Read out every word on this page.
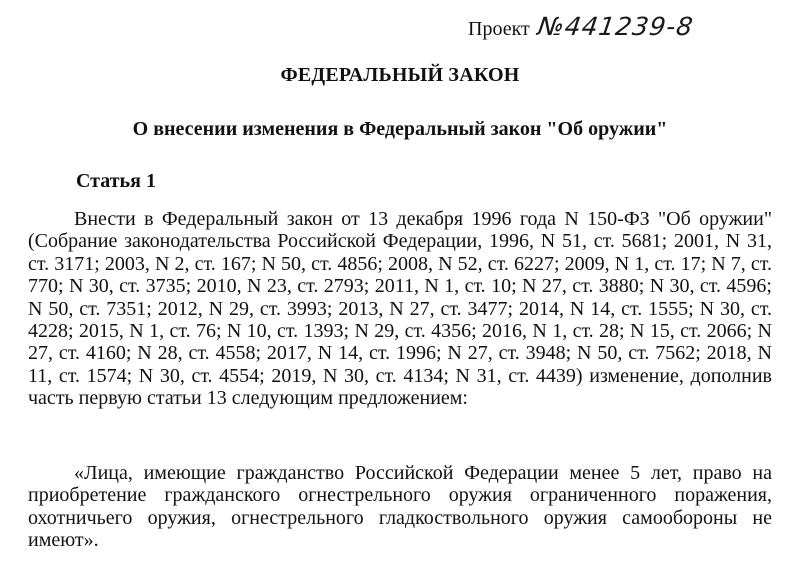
Проект №441239-8
ФЕДЕРАЛЬНЫЙ ЗАКОН
О внесении изменения в Федеральный закон "Об оружии"
Статья 1

Внести в Федеральный закон от 13 декабря 1996 года N 150-ФЗ "Об оружии" (Собрание законодательства Российской Федерации, 1996, N 51, ст. 5681; 2001, N 31, ст. 3171; 2003, N 2, ст. 167; N 50, ст. 4856; 2008, N 52, ст. 6227; 2009, N 1, ст. 17; N 7, ст. 770; N 30, ст. 3735; 2010, N 23, ст. 2793; 2011, N 1, ст. 10; N 27, ст. 3880; N 30, ст. 4596; N 50, ст. 7351; 2012, N 29, ст. 3993; 2013, N 27, ст. 3477; 2014, N 14, ст. 1555; N 30, ст. 4228; 2015, N 1, ст. 76; N 10, ст. 1393; N 29, ст. 4356; 2016, N 1, ст. 28; N 15, ст. 2066; N 27, ст. 4160; N 28, ст. 4558; 2017, N 14, ст. 1996; N 27, ст. 3948; N 50, ст. 7562; 2018, N 11, ст. 1574; N 30, ст. 4554; 2019, N 30, ст. 4134; N 31, ст. 4439) изменение, дополнив часть первую статьи 13 следующим предложением:

«Лица, имеющие гражданство Российской Федерации менее 5 лет, право на приобретение гражданского огнестрельного оружия ограниченного поражения, охотничьего оружия, огнестрельного гладкоствольного оружия самообороны не имеют».
